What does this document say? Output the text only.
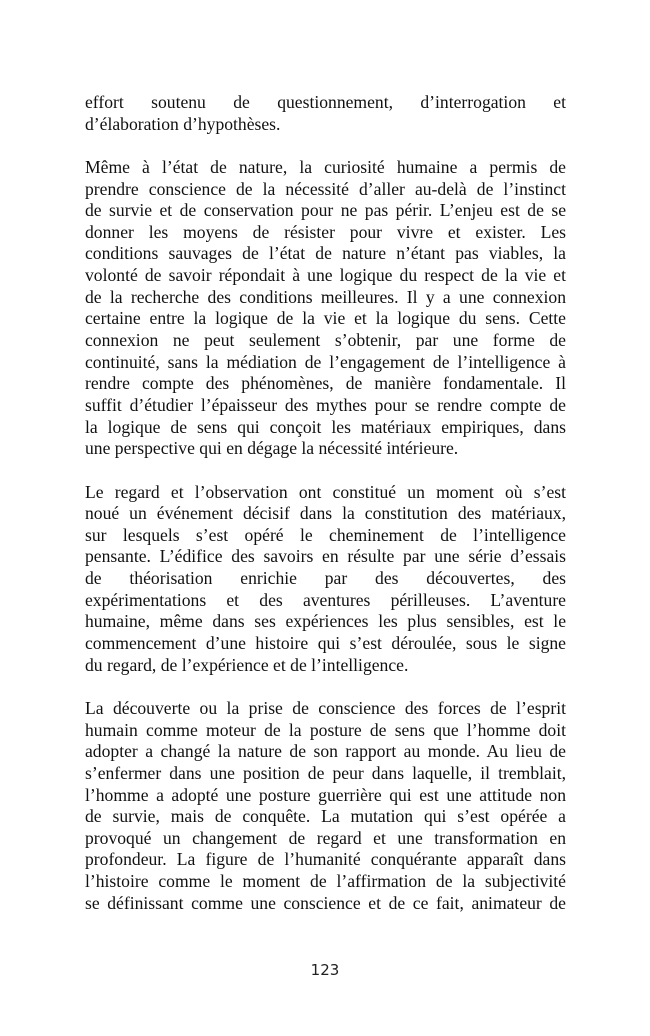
effort soutenu de questionnement, d’interrogation et
d’élaboration d’hypothèses.
Même à l’état de nature, la curiosité humaine a permis de
prendre conscience de la nécessité d’aller au-delà de l’instinct
de survie et de conservation pour ne pas périr. L’enjeu est de se
donner les moyens de résister pour vivre et exister. Les
conditions sauvages de l’état de nature n’étant pas viables, la
volonté de savoir répondait à une logique du respect de la vie et
de la recherche des conditions meilleures. Il y a une connexion
certaine entre la logique de la vie et la logique du sens. Cette
connexion ne peut seulement s’obtenir, par une forme de
continuité, sans la médiation de l’engagement de l’intelligence à
rendre compte des phénomènes, de manière fondamentale. Il
suffit d’étudier l’épaisseur des mythes pour se rendre compte de
la logique de sens qui conçoit les matériaux empiriques, dans
une perspective qui en dégage la nécessité intérieure.
Le regard et l’observation ont constitué un moment où s’est
noué un événement décisif dans la constitution des matériaux,
sur lesquels s’est opéré le cheminement de l’intelligence
pensante. L’édifice des savoirs en résulte par une série d’essais
de théorisation enrichie par des découvertes, des
expérimentations et des aventures périlleuses. L’aventure
humaine, même dans ses expériences les plus sensibles, est le
commencement d’une histoire qui s’est déroulée, sous le signe
du regard, de l’expérience et de l’intelligence.
La découverte ou la prise de conscience des forces de l’esprit
humain comme moteur de la posture de sens que l’homme doit
adopter a changé la nature de son rapport au monde. Au lieu de
s’enfermer dans une position de peur dans laquelle, il tremblait,
l’homme a adopté une posture guerrière qui est une attitude non
de survie, mais de conquête. La mutation qui s’est opérée a
provoqué un changement de regard et une transformation en
profondeur. La figure de l’humanité conquérante apparaît dans
l’histoire comme le moment de l’affirmation de la subjectivité
se définissant comme une conscience et de ce fait, animateur de
123
